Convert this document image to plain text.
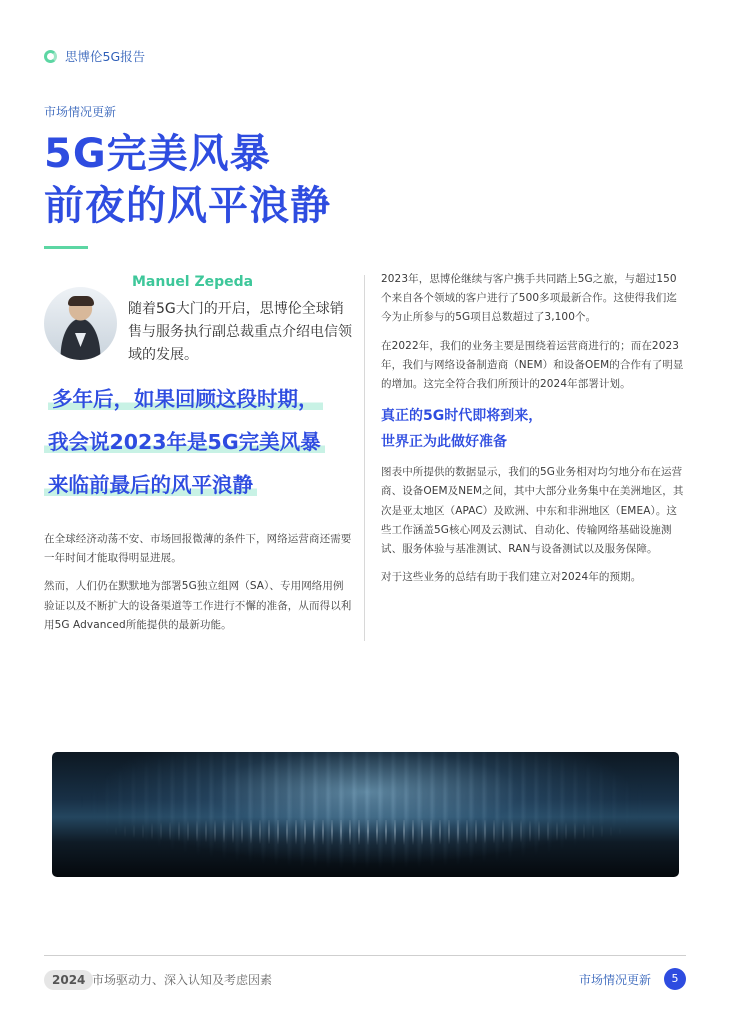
思博伦5G报告
市场情况更新
5G完美风暴
前夜的风平浪静
Manuel Zepeda

随着5G大门的开启，思博伦全球销售与服务执行副总裁重点介绍电信领域的发展。

多年后，如果回顾这段时期，
我会说2023年是5G完美风暴
来临前最后的风平浪静

在全球经济动荡不安、市场回报微薄的条件下，网络运营商还需要一年时间才能取得明显进展。

然而，人们仍在默默地为部署5G独立组网（SA）、专用网络用例验证以及不断扩大的设备渠道等工作进行不懈的准备，从而得以利用5G Advanced所能提供的最新功能。

2023年，思博伦继续与客户携手共同踏上5G之旅，与超过150个来自各个领域的客户进行了500多项最新合作。这使得我们迄今为止所参与的5G项目总数超过了3,100个。

在2022年，我们的业务主要是围绕着运营商进行的；而在2023年，我们与网络设备制造商（NEM）和设备OEM的合作有了明显的增加。这完全符合我们所预计的2024年部署计划。

真正的5G时代即将到来，
世界正为此做好准备

图表中所提供的数据显示，我们的5G业务相对均匀地分布在运营商、设备OEM及NEM之间，其中大部分业务集中在美洲地区，其次是亚太地区（APAC）及欧洲、中东和非洲地区（EMEA）。这些工作涵盖5G核心网及云测试、自动化、传输网络基础设施测试、服务体验与基准测试、RAN与设备测试以及服务保障。

对于这些业务的总结有助于我们建立对2024年的预期。

2024 市场驱动力、深入认知及考虑因素	市场情况更新	5
